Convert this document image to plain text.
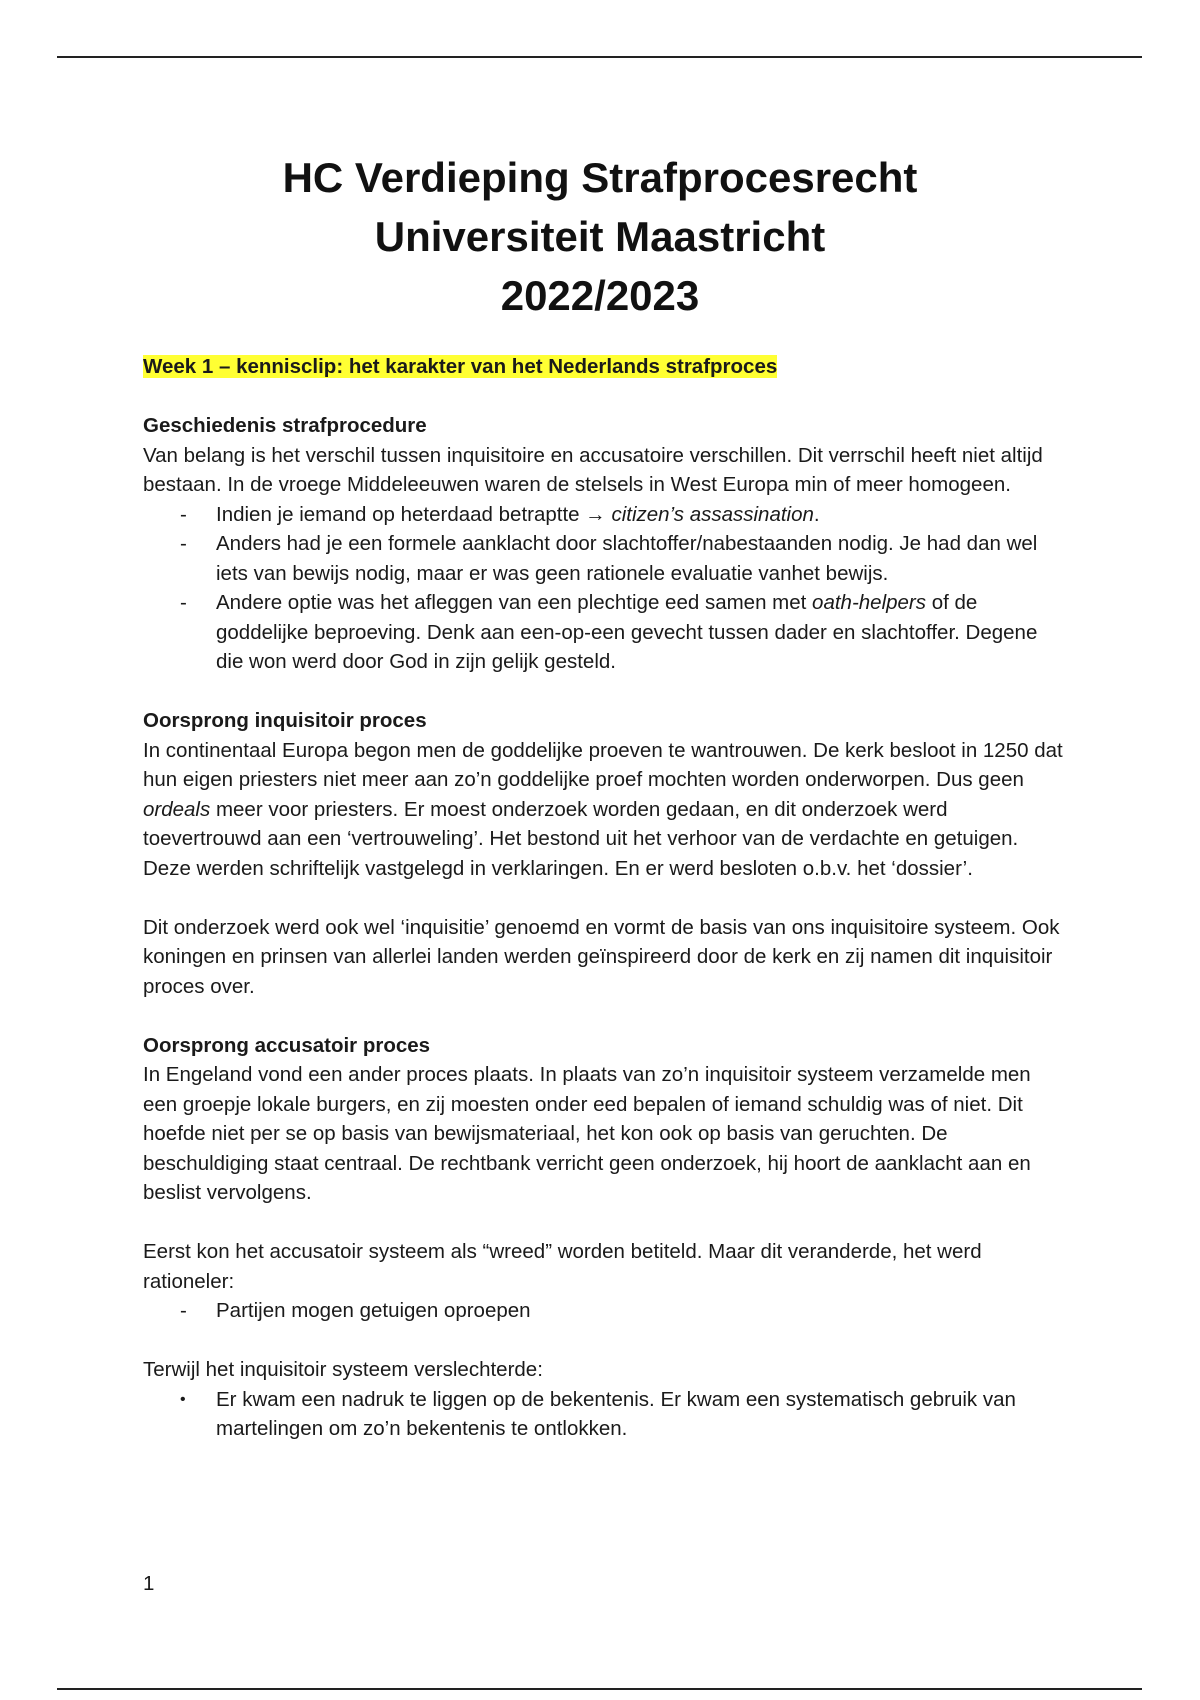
HC Verdieping Strafprocesrecht
Universiteit Maastricht
2022/2023
Week 1 – kennisclip: het karakter van het Nederlands strafproces
Geschiedenis strafprocedure
Van belang is het verschil tussen inquisitoire en accusatoire verschillen. Dit verrschil heeft niet altijd bestaan. In de vroege Middeleeuwen waren de stelsels in West Europa min of meer homogeen.
- Indien je iemand op heterdaad betraptte → citizen’s assassination.
- Anders had je een formele aanklacht door slachtoffer/nabestaanden nodig. Je had dan wel iets van bewijs nodig, maar er was geen rationele evaluatie vanhet bewijs.
- Andere optie was het afleggen van een plechtige eed samen met oath-helpers of de goddelijke beproeving. Denk aan een-op-een gevecht tussen dader en slachtoffer. Degene die won werd door God in zijn gelijk gesteld.
Oorsprong inquisitoir proces
In continentaal Europa begon men de goddelijke proeven te wantrouwen. De kerk besloot in 1250 dat hun eigen priesters niet meer aan zo’n goddelijke proef mochten worden onderworpen. Dus geen ordeals meer voor priesters. Er moest onderzoek worden gedaan, en dit onderzoek werd toevertrouwd aan een ‘vertrouweling’. Het bestond uit het verhoor van de verdachte en getuigen. Deze werden schriftelijk vastgelegd in verklaringen. En er werd besloten o.b.v. het ‘dossier’.
Dit onderzoek werd ook wel ‘inquisitie’ genoemd en vormt de basis van ons inquisitoire systeem. Ook koningen en prinsen van allerlei landen werden geïnspireerd door de kerk en zij namen dit inquisitoir proces over.
Oorsprong accusatoir proces
In Engeland vond een ander proces plaats. In plaats van zo’n inquisitoir systeem verzamelde men een groepje lokale burgers, en zij moesten onder eed bepalen of iemand schuldig was of niet. Dit hoefde niet per se op basis van bewijsmateriaal, het kon ook op basis van geruchten. De beschuldiging staat centraal. De rechtbank verricht geen onderzoek, hij hoort de aanklacht aan en beslist vervolgens.
Eerst kon het accusatoir systeem als “wreed” worden betiteld. Maar dit veranderde, het werd rationeler:
- Partijen mogen getuigen oproepen
Terwijl het inquisitoir systeem verslechterde:
• Er kwam een nadruk te liggen op de bekentenis. Er kwam een systematisch gebruik van martelingen om zo’n bekentenis te ontlokken.
1
